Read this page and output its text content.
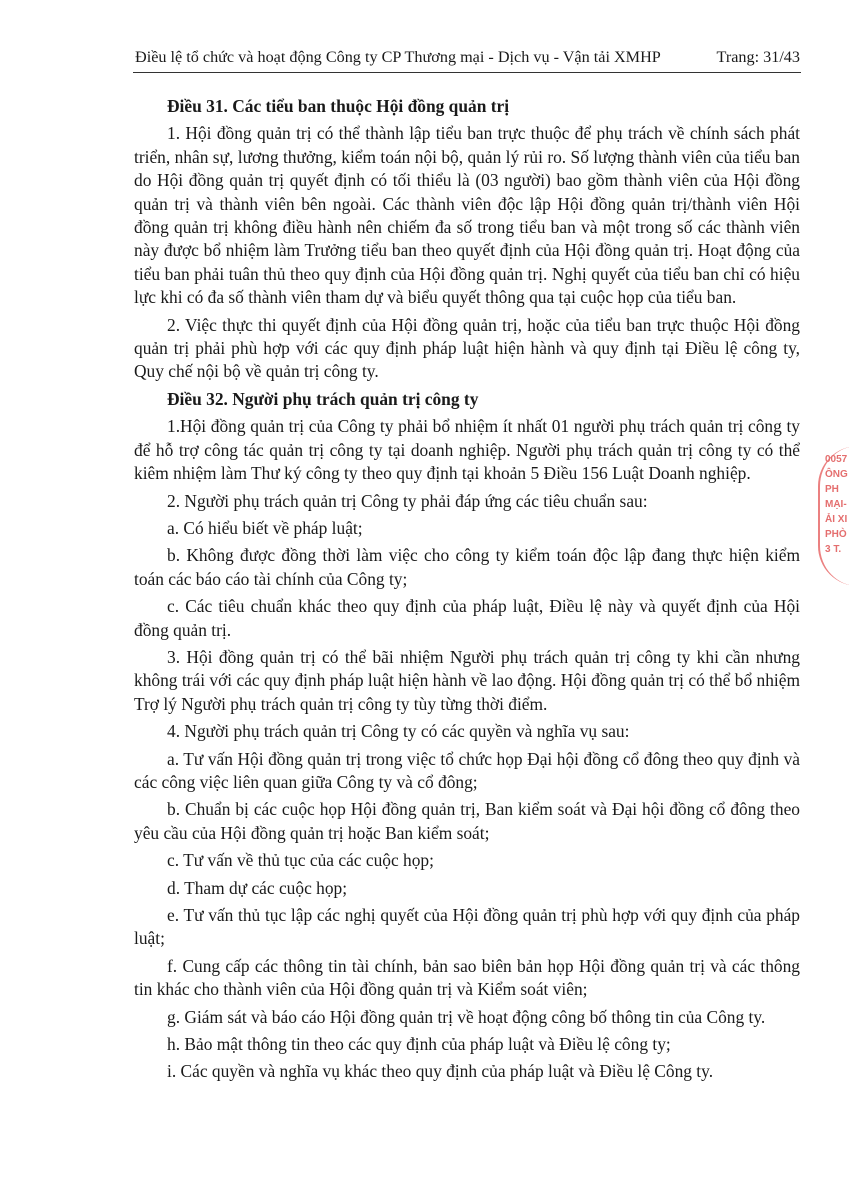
Điều lệ tổ chức và hoạt động Công ty CP Thương mại - Dịch vụ - Vận tải XMHP	Trang: 31/43
Điều 31. Các tiểu ban thuộc Hội đồng quản trị

1. Hội đồng quản trị có thể thành lập tiểu ban trực thuộc để phụ trách về chính sách phát triển, nhân sự, lương thưởng, kiểm toán nội bộ, quản lý rủi ro. Số lượng thành viên của tiểu ban do Hội đồng quản trị quyết định có tối thiểu là (03 người) bao gồm thành viên của Hội đồng quản trị và thành viên bên ngoài. Các thành viên độc lập Hội đồng quản trị/thành viên Hội đồng quản trị không điều hành nên chiếm đa số trong tiểu ban và một trong số các thành viên này được bổ nhiệm làm Trưởng tiểu ban theo quyết định của Hội đồng quản trị. Hoạt động của tiểu ban phải tuân thủ theo quy định của Hội đồng quản trị. Nghị quyết của tiểu ban chỉ có hiệu lực khi có đa số thành viên tham dự và biểu quyết thông qua tại cuộc họp của tiểu ban.

2. Việc thực thi quyết định của Hội đồng quản trị, hoặc của tiểu ban trực thuộc Hội đồng quản trị phải phù hợp với các quy định pháp luật hiện hành và quy định tại Điều lệ công ty, Quy chế nội bộ về quản trị công ty.

Điều 32. Người phụ trách quản trị công ty

1.Hội đồng quản trị của Công ty phải bổ nhiệm ít nhất 01 người phụ trách quản trị công ty để hỗ trợ công tác quản trị công ty tại doanh nghiệp. Người phụ trách quản trị công ty có thể kiêm nhiệm làm Thư ký công ty theo quy định tại khoản 5 Điều 156 Luật Doanh nghiệp.

2. Người phụ trách quản trị Công ty phải đáp ứng các tiêu chuẩn sau:

a. Có hiểu biết về pháp luật;

b. Không được đồng thời làm việc cho công ty kiểm toán độc lập đang thực hiện kiểm toán các báo cáo tài chính của Công ty;

c. Các tiêu chuẩn khác theo quy định của pháp luật, Điều lệ này và quyết định của Hội đồng quản trị.

3. Hội đồng quản trị có thể bãi nhiệm Người phụ trách quản trị công ty khi cần nhưng không trái với các quy định pháp luật hiện hành về lao động. Hội đồng quản trị có thể bổ nhiệm Trợ lý Người phụ trách quản trị công ty tùy từng thời điểm.

4. Người phụ trách quản trị Công ty có các quyền và nghĩa vụ sau:

a. Tư vấn Hội đồng quản trị trong việc tổ chức họp Đại hội đồng cổ đông theo quy định và các công việc liên quan giữa Công ty và cổ đông;

b. Chuẩn bị các cuộc họp Hội đồng quản trị, Ban kiểm soát và Đại hội đồng cổ đông theo yêu cầu của Hội đồng quản trị hoặc Ban kiểm soát;

c. Tư vấn về thủ tục của các cuộc họp;

d. Tham dự các cuộc họp;

e. Tư vấn thủ tục lập các nghị quyết của Hội đồng quản trị phù hợp với quy định của pháp luật;

f. Cung cấp các thông tin tài chính, bản sao biên bản họp Hội đồng quản trị và các thông tin khác cho thành viên của Hội đồng quản trị và Kiểm soát viên;

g. Giám sát và báo cáo Hội đồng quản trị về hoạt động công bố thông tin của Công ty.

h. Bảo mật thông tin theo các quy định của pháp luật và Điều lệ công ty;

i. Các quyền và nghĩa vụ khác theo quy định của pháp luật và Điều lệ Công ty.

0057
ÔNG
PH
MẠI-
ẢI XI
PHÒ
3 T.
